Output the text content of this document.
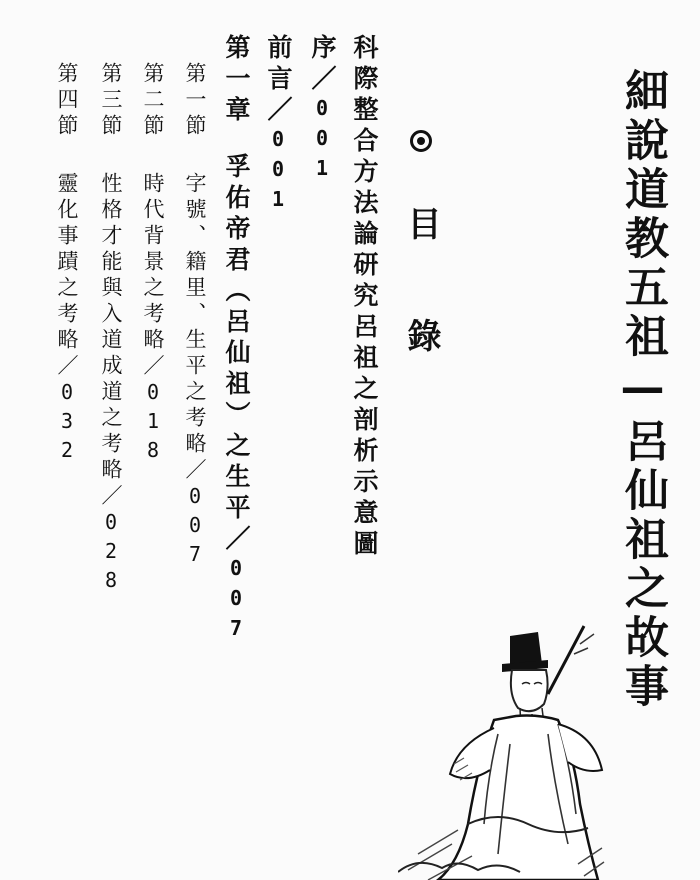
細說道教五祖—呂仙祖之故事
目錄
科際整合方法論研究呂祖之剖析示意圖
序／001
前言／001
第一章孚佑帝君（呂仙祖）之生平／007
第一節字號、籍里、生平之考略／007
第二節時代背景之考略／018
第三節性格才能與入道成道之考略／028
第四節靈化事蹟之考略／032
